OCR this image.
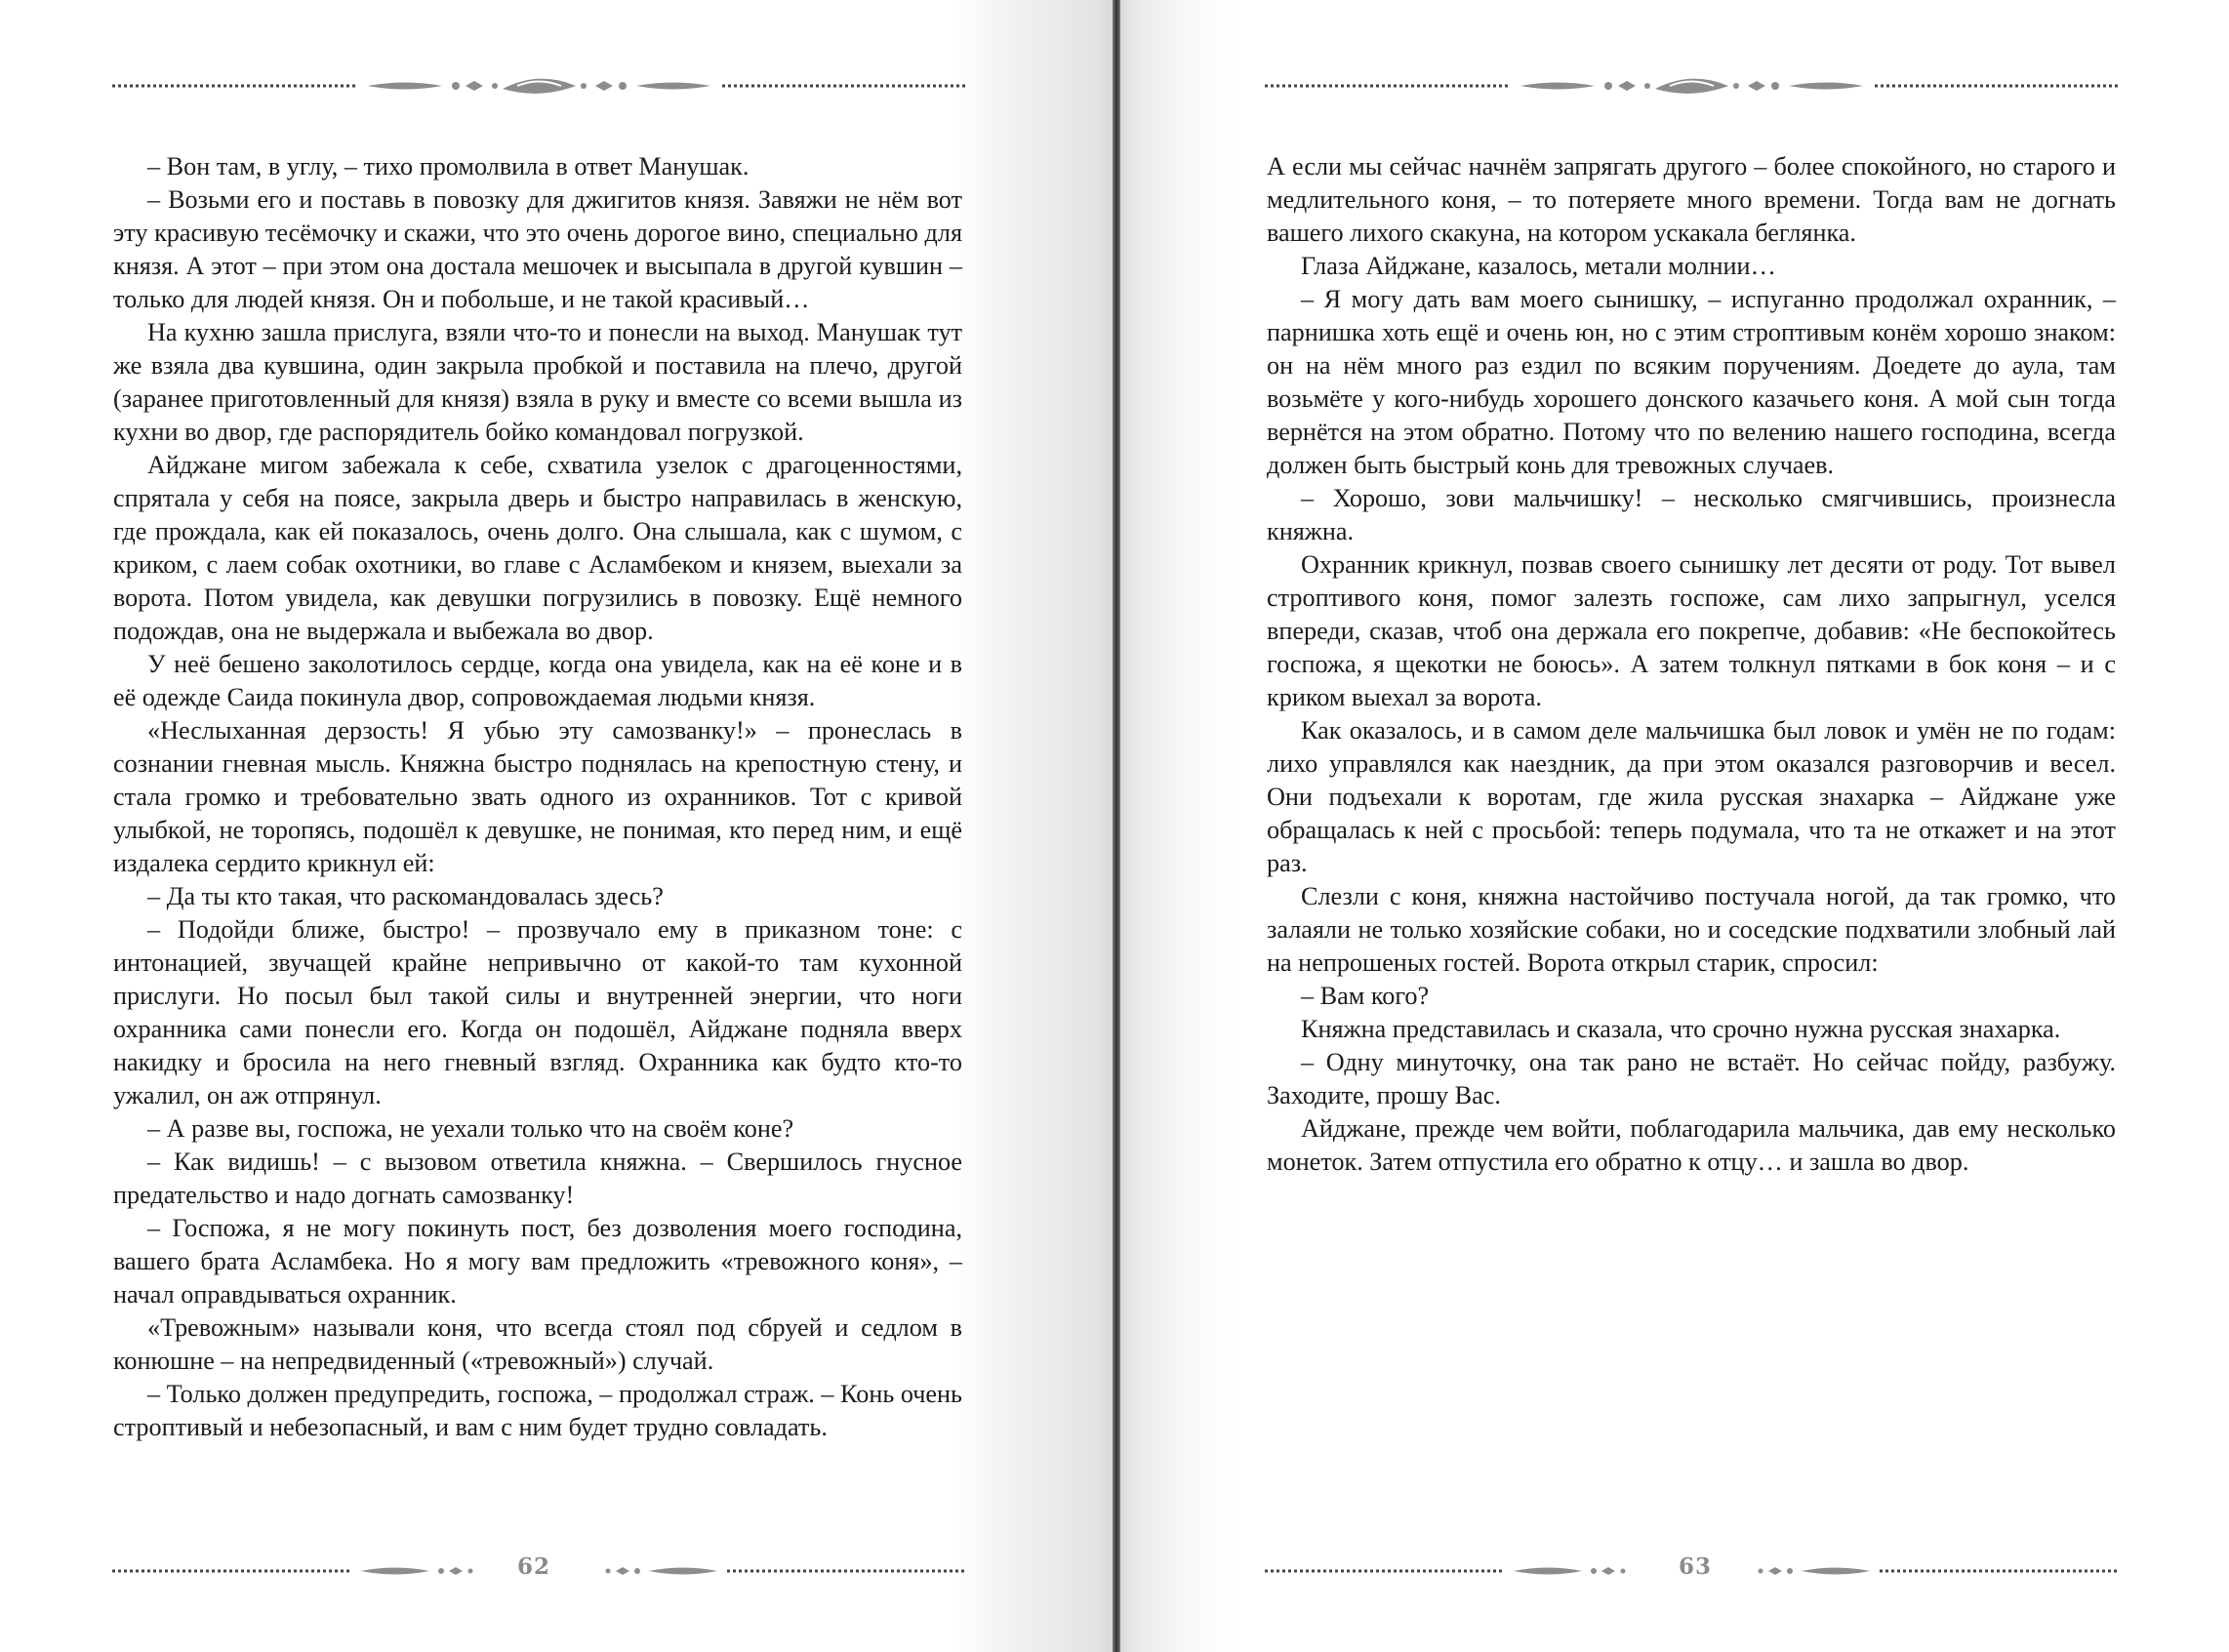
– Вон там, в углу, – тихо промолвила в ответ Манушак.

– Возьми его и поставь в повозку для джигитов князя. Завяжи не нём вот эту красивую тесёмочку и скажи, что это очень дорогое вино, специально для князя. А этот – при этом она достала мешочек и высыпала в другой кувшин – только для людей князя. Он и побольше, и не такой красивый…

На кухню зашла прислуга, взяли что-то и понесли на выход. Манушак тут же взяла два кувшина, один закрыла пробкой и поставила на плечо, другой (заранее приготовленный для князя) взяла в руку и вместе со всеми вышла из кухни во двор, где распорядитель бойко командовал погрузкой.

Айджане мигом забежала к себе, схватила узелок с драгоценностями, спрятала у себя на поясе, закрыла дверь и быстро направилась в женскую, где прождала, как ей показалось, очень долго. Она слышала, как с шумом, с криком, с лаем собак охотники, во главе с Асламбеком и князем, выехали за ворота. Потом увидела, как девушки погрузились в повозку. Ещё немного подождав, она не выдержала и выбежала во двор.

У неё бешено заколотилось сердце, когда она увидела, как на её коне и в её одежде Саида покинула двор, сопровождаемая людьми князя.

«Неслыханная дерзость! Я убью эту самозванку!» – пронеслась в сознании гневная мысль. Княжна быстро поднялась на крепостную стену, и стала громко и требовательно звать одного из охранников. Тот с кривой улыбкой, не торопясь, подошёл к девушке, не понимая, кто перед ним, и ещё издалека сердито крикнул ей:

– Да ты кто такая, что раскомандовалась здесь?

– Подойди ближе, быстро! – прозвучало ему в приказном тоне: с интонацией, звучащей крайне непривычно от какой-то там кухонной прислуги. Но посыл был такой силы и внутренней энергии, что ноги охранника сами понесли его. Когда он подошёл, Айджане подняла вверх накидку и бросила на него гневный взгляд. Охранника как будто кто-то ужалил, он аж отпрянул.

– А разве вы, госпожа, не уехали только что на своём коне?

– Как видишь! – с вызовом ответила княжна. – Свершилось гнусное предательство и надо догнать самозванку!

– Госпожа, я не могу покинуть пост, без дозволения моего господина, вашего брата Асламбека. Но я могу вам предложить «тревожного коня», – начал оправдываться охранник.

«Тревожным» называли коня, что всегда стоял под сбруей и седлом в конюшне – на непредвиденный («тревожный») случай.

– Только должен предупредить, госпожа, – продолжал страж. – Конь очень строптивый и небезопасный, и вам с ним будет трудно совладать.

62

А если мы сейчас начнём запрягать другого – более спокойного, но старого и медлительного коня, – то потеряете много времени. Тогда вам не догнать вашего лихого скакуна, на котором ускакала беглянка.

Глаза Айджане, казалось, метали молнии…

– Я могу дать вам моего сынишку, – испуганно продолжал охранник, – парнишка хоть ещё и очень юн, но с этим строптивым конём хорошо знаком: он на нём много раз ездил по всяким поручениям. Доедете до аула, там возьмёте у кого-нибудь хорошего донского казачьего коня. А мой сын тогда вернётся на этом обратно. Потому что по велению нашего господина, всегда должен быть быстрый конь для тревожных случаев.

– Хорошо, зови мальчишку! – несколько смягчившись, произнесла княжна.

Охранник крикнул, позвав своего сынишку лет десяти от роду. Тот вывел строптивого коня, помог залезть госпоже, сам лихо запрыгнул, уселся впереди, сказав, чтоб она держала его покрепче, добавив: «Не беспокойтесь госпожа, я щекотки не боюсь». А затем толкнул пятками в бок коня – и с криком выехал за ворота.

Как оказалось, и в самом деле мальчишка был ловок и умён не по годам: лихо управлялся как наездник, да при этом оказался разговорчив и весел. Они подъехали к воротам, где жила русская знахарка – Айджане уже обращалась к ней с просьбой: теперь подумала, что та не откажет и на этот раз.

Слезли с коня, княжна настойчиво постучала ногой, да так громко, что залаяли не только хозяйские собаки, но и соседские подхватили злобный лай на непрошеных гостей. Ворота открыл старик, спросил:

– Вам кого?

Княжна представилась и сказала, что срочно нужна русская знахарка.

– Одну минуточку, она так рано не встаёт. Но сейчас пойду, разбужу. Заходите, прошу Вас.

Айджане, прежде чем войти, поблагодарила мальчика, дав ему несколько монеток. Затем отпустила его обратно к отцу… и зашла во двор.

63
